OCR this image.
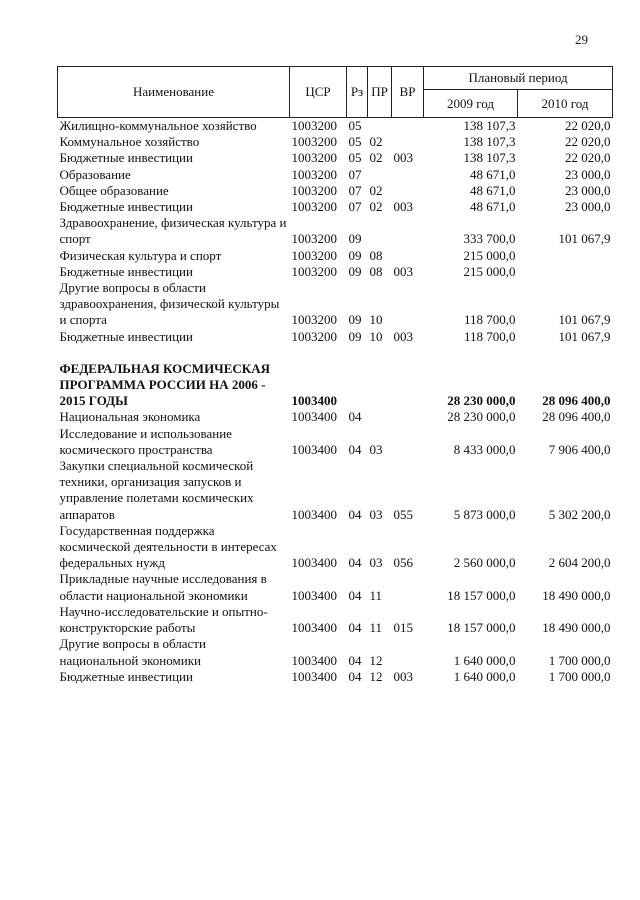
29
Наименование	ЦСР	Рз	ПР	ВР	Плановый период	
					2009 год	2010 год
Жилищно-коммунальное хозяйство	1003200	05			138 107,3	22 020,0
Коммунальное хозяйство	1003200	05	02		138 107,3	22 020,0
Бюджетные инвестиции	1003200	05	02	003	138 107,3	22 020,0
Образование	1003200	07			48 671,0	23 000,0
Общее образование	1003200	07	02		48 671,0	23 000,0
Бюджетные инвестиции	1003200	07	02	003	48 671,0	23 000,0
Здравоохранение, физическая культура и спорт	1003200	09			333 700,0	101 067,9
Физическая культура и спорт	1003200	09	08		215 000,0	
Бюджетные инвестиции	1003200	09	08	003	215 000,0	
Другие вопросы в области здравоохранения, физической культуры и спорта	1003200	09	10		118 700,0	101 067,9
Бюджетные инвестиции	1003200	09	10	003	118 700,0	101 067,9

ФЕДЕРАЛЬНАЯ КОСМИЧЕСКАЯ ПРОГРАММА РОССИИ НА 2006 - 2015 ГОДЫ	1003400				28 230 000,0	28 096 400,0
Национальная экономика	1003400	04			28 230 000,0	28 096 400,0
Исследование и использование космического пространства	1003400	04	03		8 433 000,0	7 906 400,0
Закупки специальной космической техники, организация запусков и управление полетами космических аппаратов	1003400	04	03	055	5 873 000,0	5 302 200,0
Государственная поддержка космической деятельности в интересах федеральных нужд	1003400	04	03	056	2 560 000,0	2 604 200,0
Прикладные научные исследования в области национальной экономики	1003400	04	11		18 157 000,0	18 490 000,0
Научно-исследовательские и опытно-конструкторские работы	1003400	04	11	015	18 157 000,0	18 490 000,0
Другие вопросы в области национальной экономики	1003400	04	12		1 640 000,0	1 700 000,0
Бюджетные инвестиции	1003400	04	12	003	1 640 000,0	1 700 000,0
